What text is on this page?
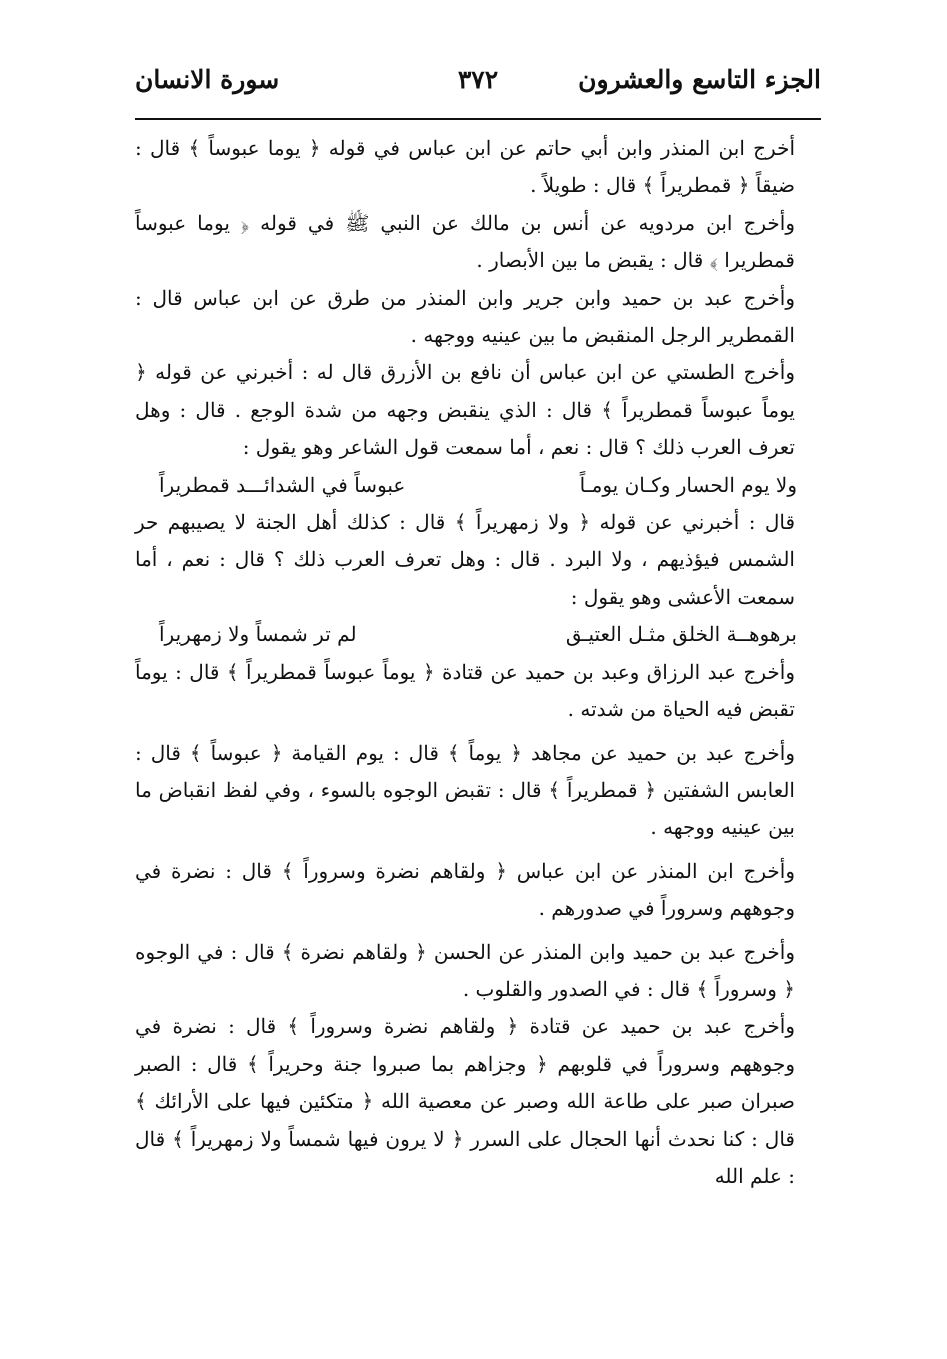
الجزء التاسع والعشرون
٣٧٢
سورة الانسان

أخرج ابن المنذر وابن أبي حاتم عن ابن عباس في قوله ﴿ يوما عبوساً ﴾ قال : ضيقاً ﴿ قمطريراً ﴾ قال : طويلاً .

وأخرج ابن مردويه عن أنس بن مالك عن النبي ﷺ في قوله ﴿ يوما عبوساً قمطريرا ﴾ قال : يقبض ما بين الأبصار .

وأخرج عبد بن حميد وابن جرير وابن المنذر من طرق عن ابن عباس قال : القمطرير الرجل المنقبض ما بين عينيه ووجهه .

وأخرج الطستي عن ابن عباس أن نافع بن الأزرق قال له : أخبرني عن قوله ﴿ يوماً عبوساً قمطريراً ﴾ قال : الذي ينقبض وجهه من شدة الوجع . قال : وهل تعرف العرب ذلك ؟ قال : نعم ، أما سمعت قول الشاعر وهو يقول :

ولا يوم الحسار وكـان يومـاً
عبوساً في الشدائـــد قمطريراً

قال : أخبرني عن قوله ﴿ ولا زمهريراً ﴾ قال : كذلك أهل الجنة لا يصيبهم حر الشمس فيؤذيهم ، ولا البرد . قال : وهل تعرف العرب ذلك ؟ قال : نعم ، أما سمعت الأعشى وهو يقول :

برهوهــة الخلق مثـل العتيـق
لم تر شمساً ولا زمهريراً

وأخرج عبد الرزاق وعبد بن حميد عن قتادة ﴿ يوماً عبوساً قمطريراً ﴾ قال : يوماً تقبض فيه الحياة من شدته .

وأخرج عبد بن حميد عن مجاهد ﴿ يوماً ﴾ قال : يوم القيامة ﴿ عبوساً ﴾ قال : العابس الشفتين ﴿ قمطريراً ﴾ قال : تقبض الوجوه بالسوء ، وفي لفظ انقباض ما بين عينيه ووجهه .

وأخرج ابن المنذر عن ابن عباس ﴿ ولقاهم نضرة وسروراً ﴾ قال : نضرة في وجوههم وسروراً في صدورهم .

وأخرج عبد بن حميد وابن المنذر عن الحسن ﴿ ولقاهم نضرة ﴾ قال : في الوجوه ﴿ وسروراً ﴾ قال : في الصدور والقلوب .

وأخرج عبد بن حميد عن قتادة ﴿ ولقاهم نضرة وسروراً ﴾ قال : نضرة في وجوههم وسروراً في قلوبهم ﴿ وجزاهم بما صبروا جنة وحريراً ﴾ قال : الصبر صبران صبر على طاعة الله وصبر عن معصية الله ﴿ متكئين فيها على الأرائك ﴾ قال : كنا نحدث أنها الحجال على السرر ﴿ لا يرون فيها شمساً ولا زمهريراً ﴾ قال : علم الله
